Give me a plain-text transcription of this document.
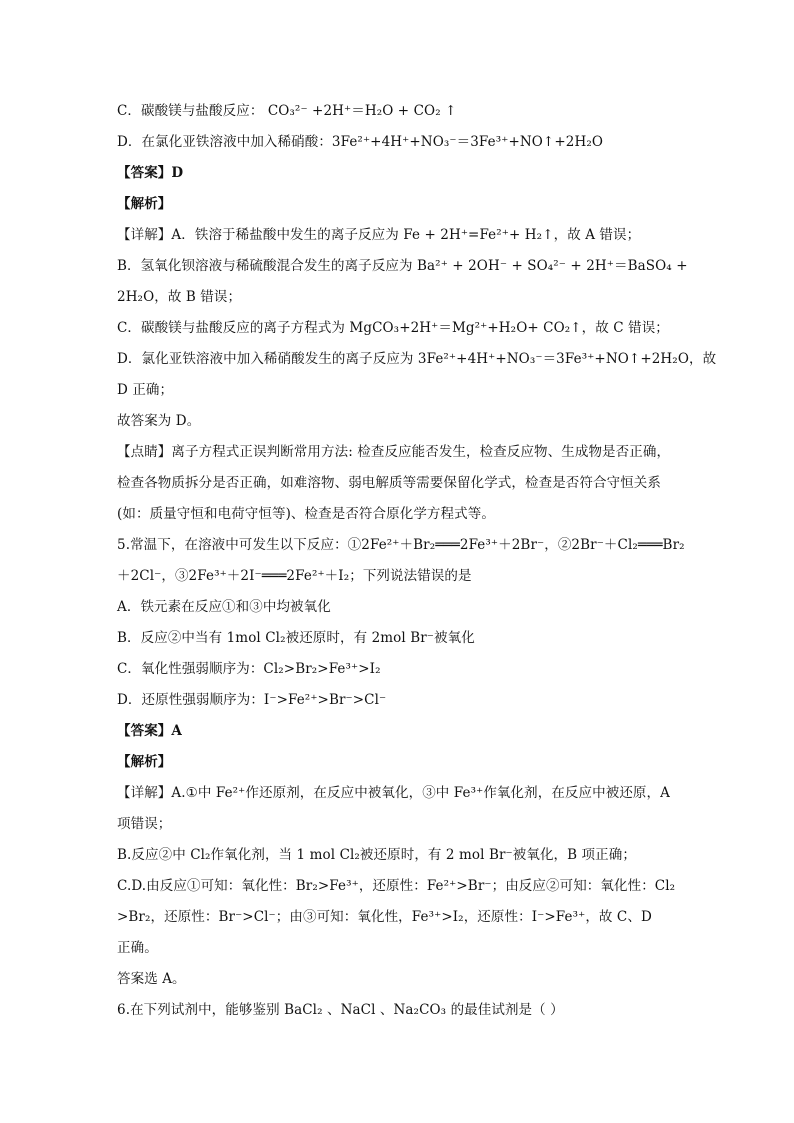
C．碳酸镁与盐酸反应： CO₃²⁻ +2H⁺＝H₂O + CO₂ ↑
D．在氯化亚铁溶液中加入稀硝酸：3Fe²⁺+4H⁺+NO₃⁻＝3Fe³⁺+NO↑+2H₂O
【答案】D
【解析】
【详解】A．铁溶于稀盐酸中发生的离子反应为 Fe + 2H⁺=Fe²⁺+ H₂↑，故 A 错误；
B．氢氧化钡溶液与稀硫酸混合发生的离子反应为 Ba²⁺ + 2OH⁻ + SO₄²⁻ + 2H⁺＝BaSO₄ +
2H₂O，故 B 错误；
C．碳酸镁与盐酸反应的离子方程式为 MgCO₃+2H⁺＝Mg²⁺+H₂O+ CO₂↑，故 C 错误；
D．氯化亚铁溶液中加入稀硝酸发生的离子反应为 3Fe²⁺+4H⁺+NO₃⁻＝3Fe³⁺+NO↑+2H₂O，故
D 正确；
故答案为 D。
【点睛】离子方程式正误判断常用方法: 检查反应能否发生，检查反应物、生成物是否正确，
检查各物质拆分是否正确，如难溶物、弱电解质等需要保留化学式，检查是否符合守恒关系
(如：质量守恒和电荷守恒等)、检查是否符合原化学方程式等。
5.常温下，在溶液中可发生以下反应：①2Fe²⁺＋Br₂═══2Fe³⁺＋2Br⁻，②2Br⁻＋Cl₂═══Br₂
＋2Cl⁻，③2Fe³⁺＋2I⁻═══2Fe²⁺＋I₂；下列说法错误的是
A．铁元素在反应①和③中均被氧化
B．反应②中当有 1mol Cl₂被还原时，有 2mol Br⁻被氧化
C．氧化性强弱顺序为：Cl₂>Br₂>Fe³⁺>I₂
D．还原性强弱顺序为：I⁻>Fe²⁺>Br⁻>Cl⁻
【答案】A
【解析】
【详解】A.①中 Fe²⁺作还原剂，在反应中被氧化，③中 Fe³⁺作氧化剂，在反应中被还原，A
项错误；
B.反应②中 Cl₂作氧化剂，当 1 mol Cl₂被还原时，有 2 mol Br⁻被氧化，B 项正确；
C.D.由反应①可知：氧化性：Br₂>Fe³⁺，还原性：Fe²⁺>Br⁻；由反应②可知：氧化性：Cl₂
>Br₂，还原性：Br⁻>Cl⁻；由③可知：氧化性，Fe³⁺>I₂，还原性：I⁻>Fe³⁺，故 C、D
正确。
答案选 A。
6.在下列试剂中，能够鉴别 BaCl₂ 、NaCl 、Na₂CO₃ 的最佳试剂是（ ）
